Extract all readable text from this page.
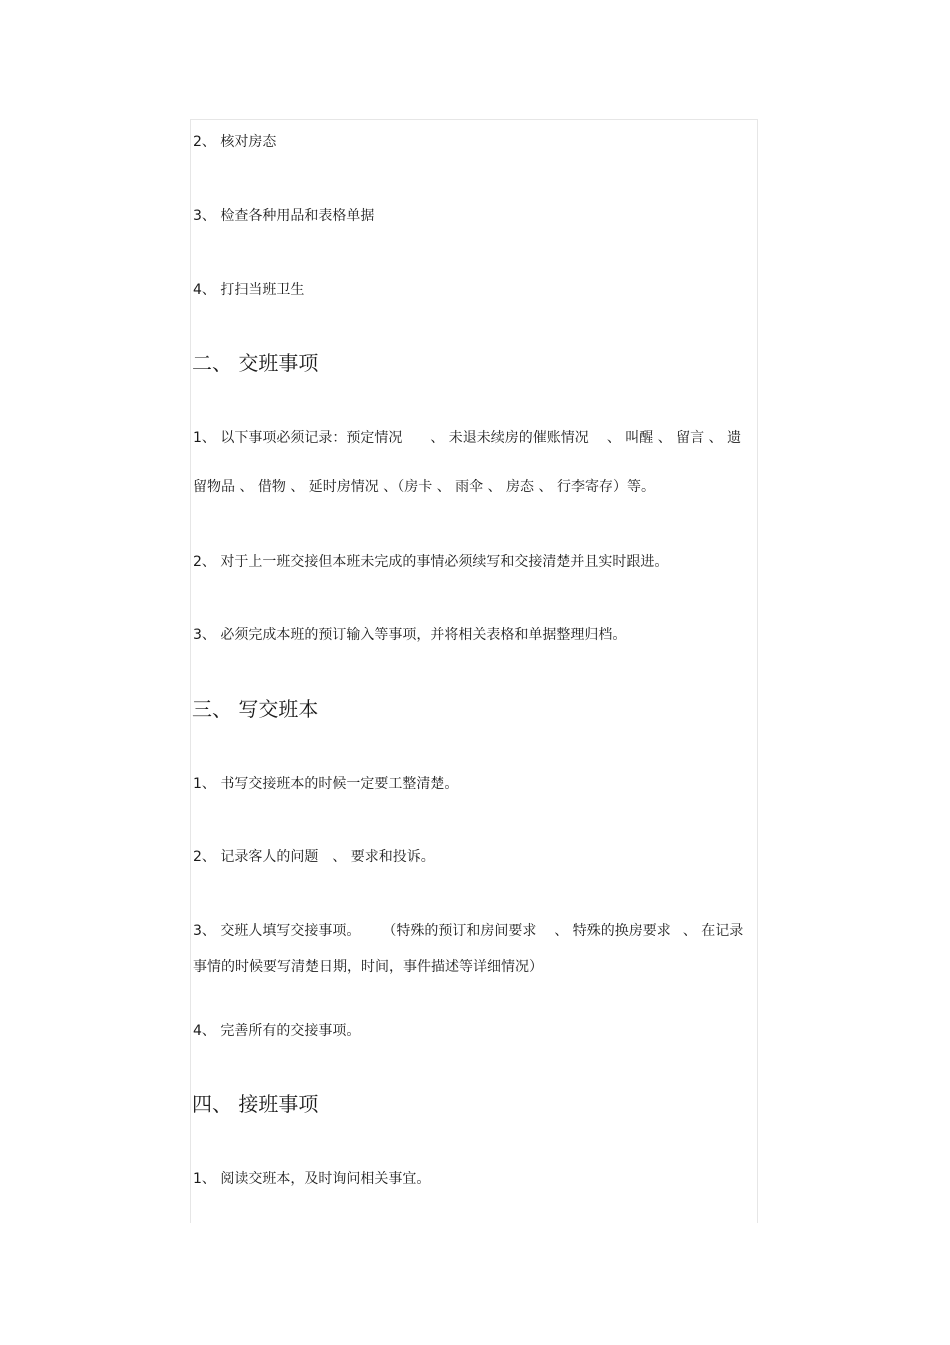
2、 核对房态
3、 检查各种用品和表格单据
4、 打扫当班卫生
二、 交班事项
1、 以下事项必须记录：预定情况 、 未退未续房的催账情况 、 叫醒 、 留言 、 遗
留物品 、 借物 、 延时房情况 、（房卡 、 雨伞 、 房态 、 行李寄存）等。
2、 对于上一班交接但本班未完成的事情必须续写和交接清楚并且实时跟进。
3、 必须完成本班的预订输入等事项，并将相关表格和单据整理归档。
三、 写交班本
1、 书写交接班本的时候一定要工整清楚。
2、 记录客人的问题 、 要求和投诉。
3、 交班人填写交接事项。 （特殊的预订和房间要求 、 特殊的换房要求 、 在记录
事情的时候要写清楚日期，时间，事件描述等详细情况）
4、 完善所有的交接事项。
四、 接班事项
1、 阅读交班本，及时询问相关事宜。
